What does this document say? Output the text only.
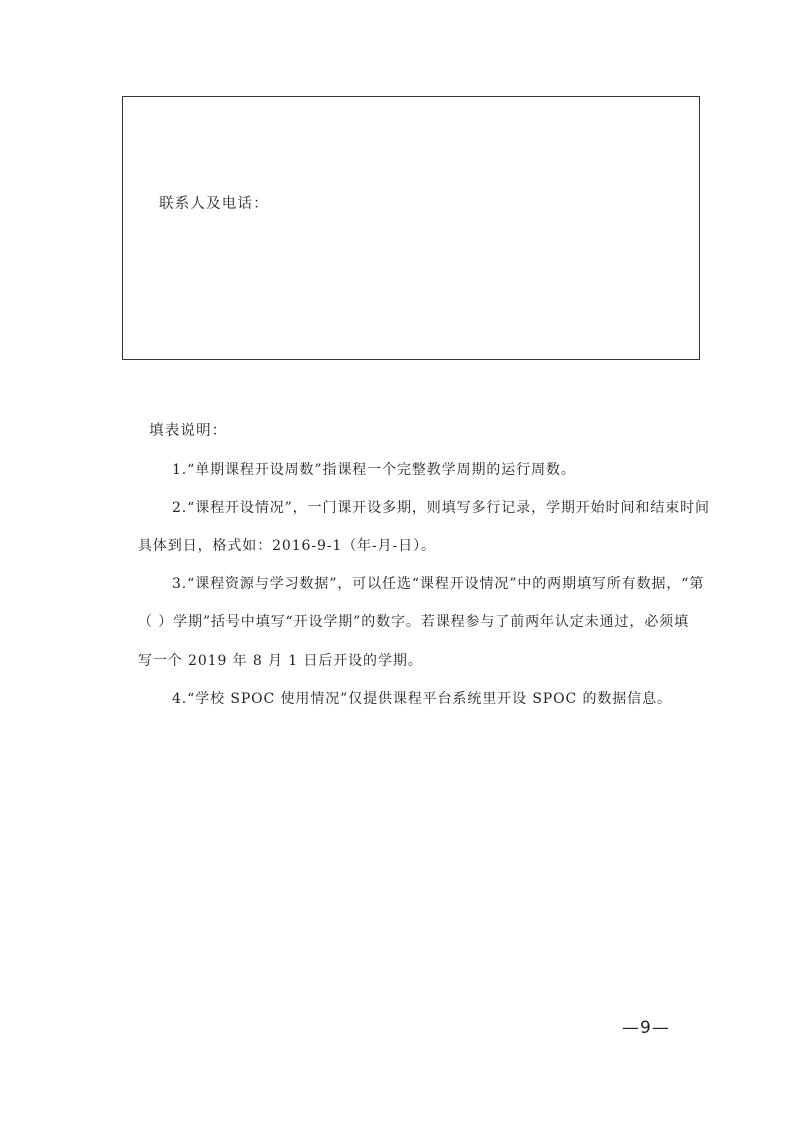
联系人及电话：
填表说明：
1.“单期课程开设周数”指课程一个完整教学周期的运行周数。
2.“课程开设情况”，一门课开设多期，则填写多行记录，学期开始时间和结束时间
具体到日，格式如：2016-9-1（年-月-日）。
3.“课程资源与学习数据”，可以任选“课程开设情况”中的两期填写所有数据，“第
（ ）学期”括号中填写“开设学期”的数字。若课程参与了前两年认定未通过，必须填
写一个 2019 年 8 月 1 日后开设的学期。
4.“学校 SPOC 使用情况”仅提供课程平台系统里开设 SPOC 的数据信息。
—9—
